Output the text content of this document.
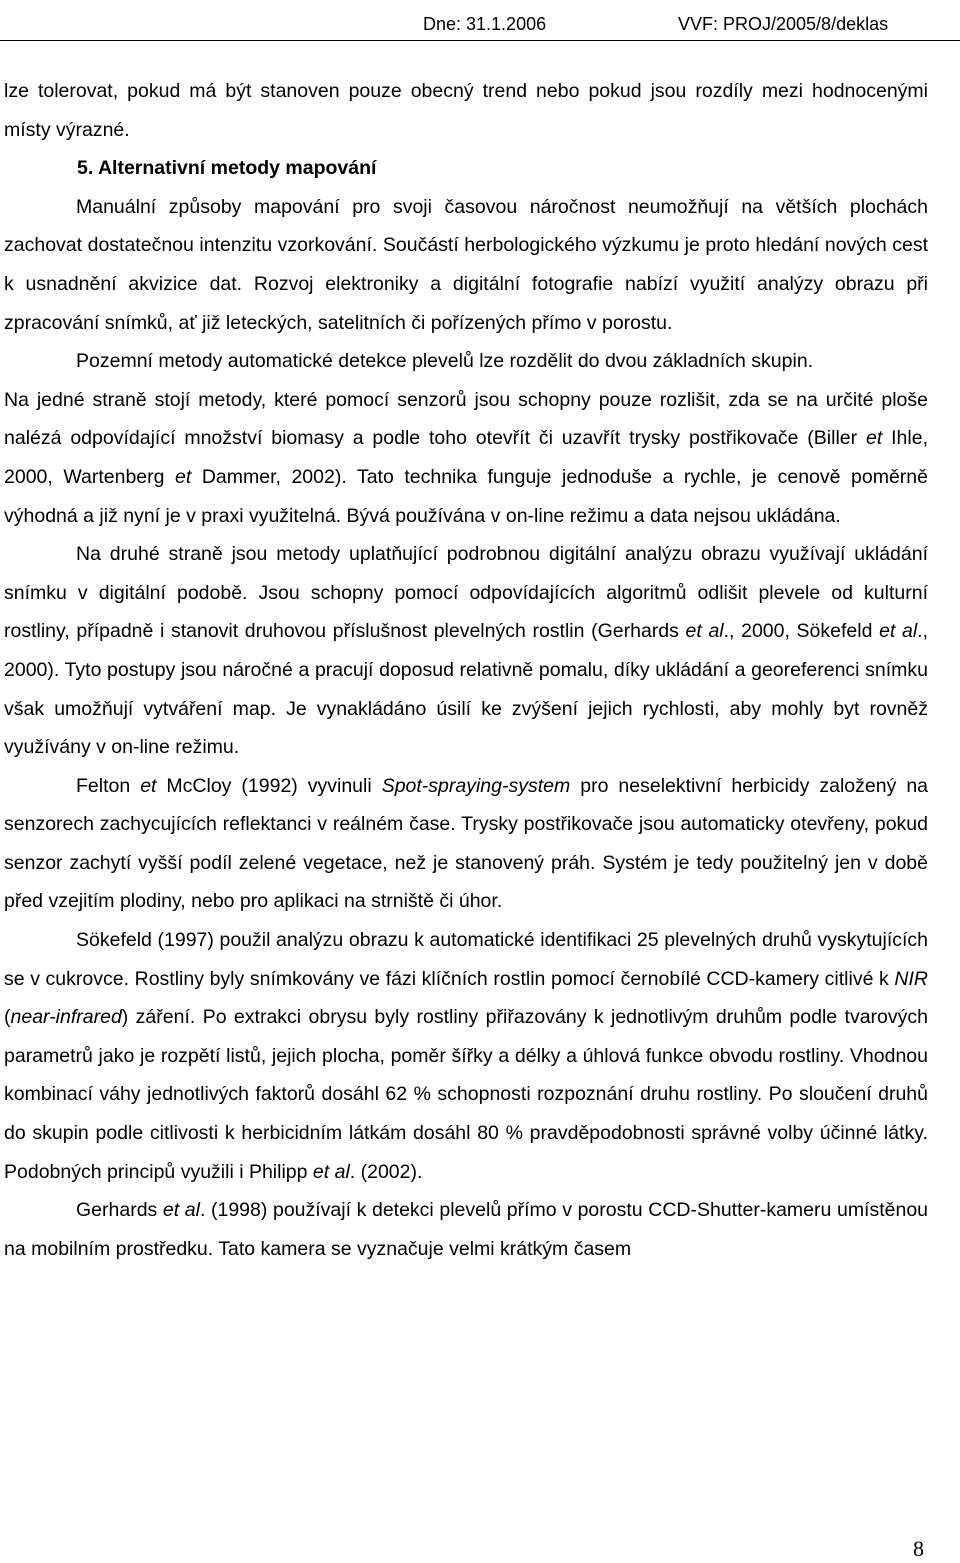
Dne: 31.1.2006	VVF: PROJ/2005/8/deklas

lze tolerovat, pokud má být stanoven pouze obecný trend nebo pokud jsou rozdíly mezi hodnocenými místy výrazné.

5. Alternativní metody mapování

Manuální způsoby mapování pro svoji časovou náročnost neumožňují na větších plochách zachovat dostatečnou intenzitu vzorkování. Součástí herbologického výzkumu je proto hledání nových cest k usnadnění akvizice dat. Rozvoj elektroniky a digitální fotografie nabízí využití analýzy obrazu při zpracování snímků, ať již leteckých, satelitních či pořízených přímo v porostu.

Pozemní metody automatické detekce plevelů lze rozdělit do dvou základních skupin.

Na jedné straně stojí metody, které pomocí senzorů jsou schopny pouze rozlišit, zda se na určité ploše nalézá odpovídající množství biomasy a podle toho otevřít či uzavřít trysky postřikovače (Biller et Ihle, 2000, Wartenberg et Dammer, 2002). Tato technika funguje jednoduše a rychle, je cenově poměrně výhodná a již nyní je v praxi využitelná. Bývá používána v on-line režimu a data nejsou ukládána.

Na druhé straně jsou metody uplatňující podrobnou digitální analýzu obrazu využívají ukládání snímku v digitální podobě. Jsou schopny pomocí odpovídajících algoritmů odlišit plevele od kulturní rostliny, případně i stanovit druhovou příslušnost plevelných rostlin (Gerhards et al., 2000, Sökefeld et al., 2000). Tyto postupy jsou náročné a pracují doposud relativně pomalu, díky ukládání a georeferenci snímku však umožňují vytváření map. Je vynakládáno úsilí ke zvýšení jejich rychlosti, aby mohly byt rovněž využívány v on-line režimu.

Felton et McCloy (1992) vyvinuli Spot-spraying-system pro neselektivní herbicidy založený na senzorech zachycujících reflektanci v reálném čase. Trysky postřikovače jsou automaticky otevřeny, pokud senzor zachytí vyšší podíl zelené vegetace, než je stanovený práh. Systém je tedy použitelný jen v době před vzejitím plodiny, nebo pro aplikaci na strniště či úhor.

Sökefeld (1997) použil analýzu obrazu k automatické identifikaci 25 plevelných druhů vyskytujících se v cukrovce. Rostliny byly snímkovány ve fázi klíčních rostlin pomocí černobílé CCD-kamery citlivé k NIR (near-infrared) záření. Po extrakci obrysu byly rostliny přiřazovány k jednotlivým druhům podle tvarových parametrů jako je rozpětí listů, jejich plocha, poměr šířky a délky a úhlová funkce obvodu rostliny. Vhodnou kombinací váhy jednotlivých faktorů dosáhl 62 % schopnosti rozpoznání druhu rostliny. Po sloučení druhů do skupin podle citlivosti k herbicidním látkám dosáhl 80 % pravděpodobnosti správné volby účinné látky. Podobných principů využili i Philipp et al. (2002).

Gerhards et al. (1998) používají k detekci plevelů přímo v porostu CCD-Shutter-kameru umístěnou na mobilním prostředku. Tato kamera se vyznačuje velmi krátkým časem

8
